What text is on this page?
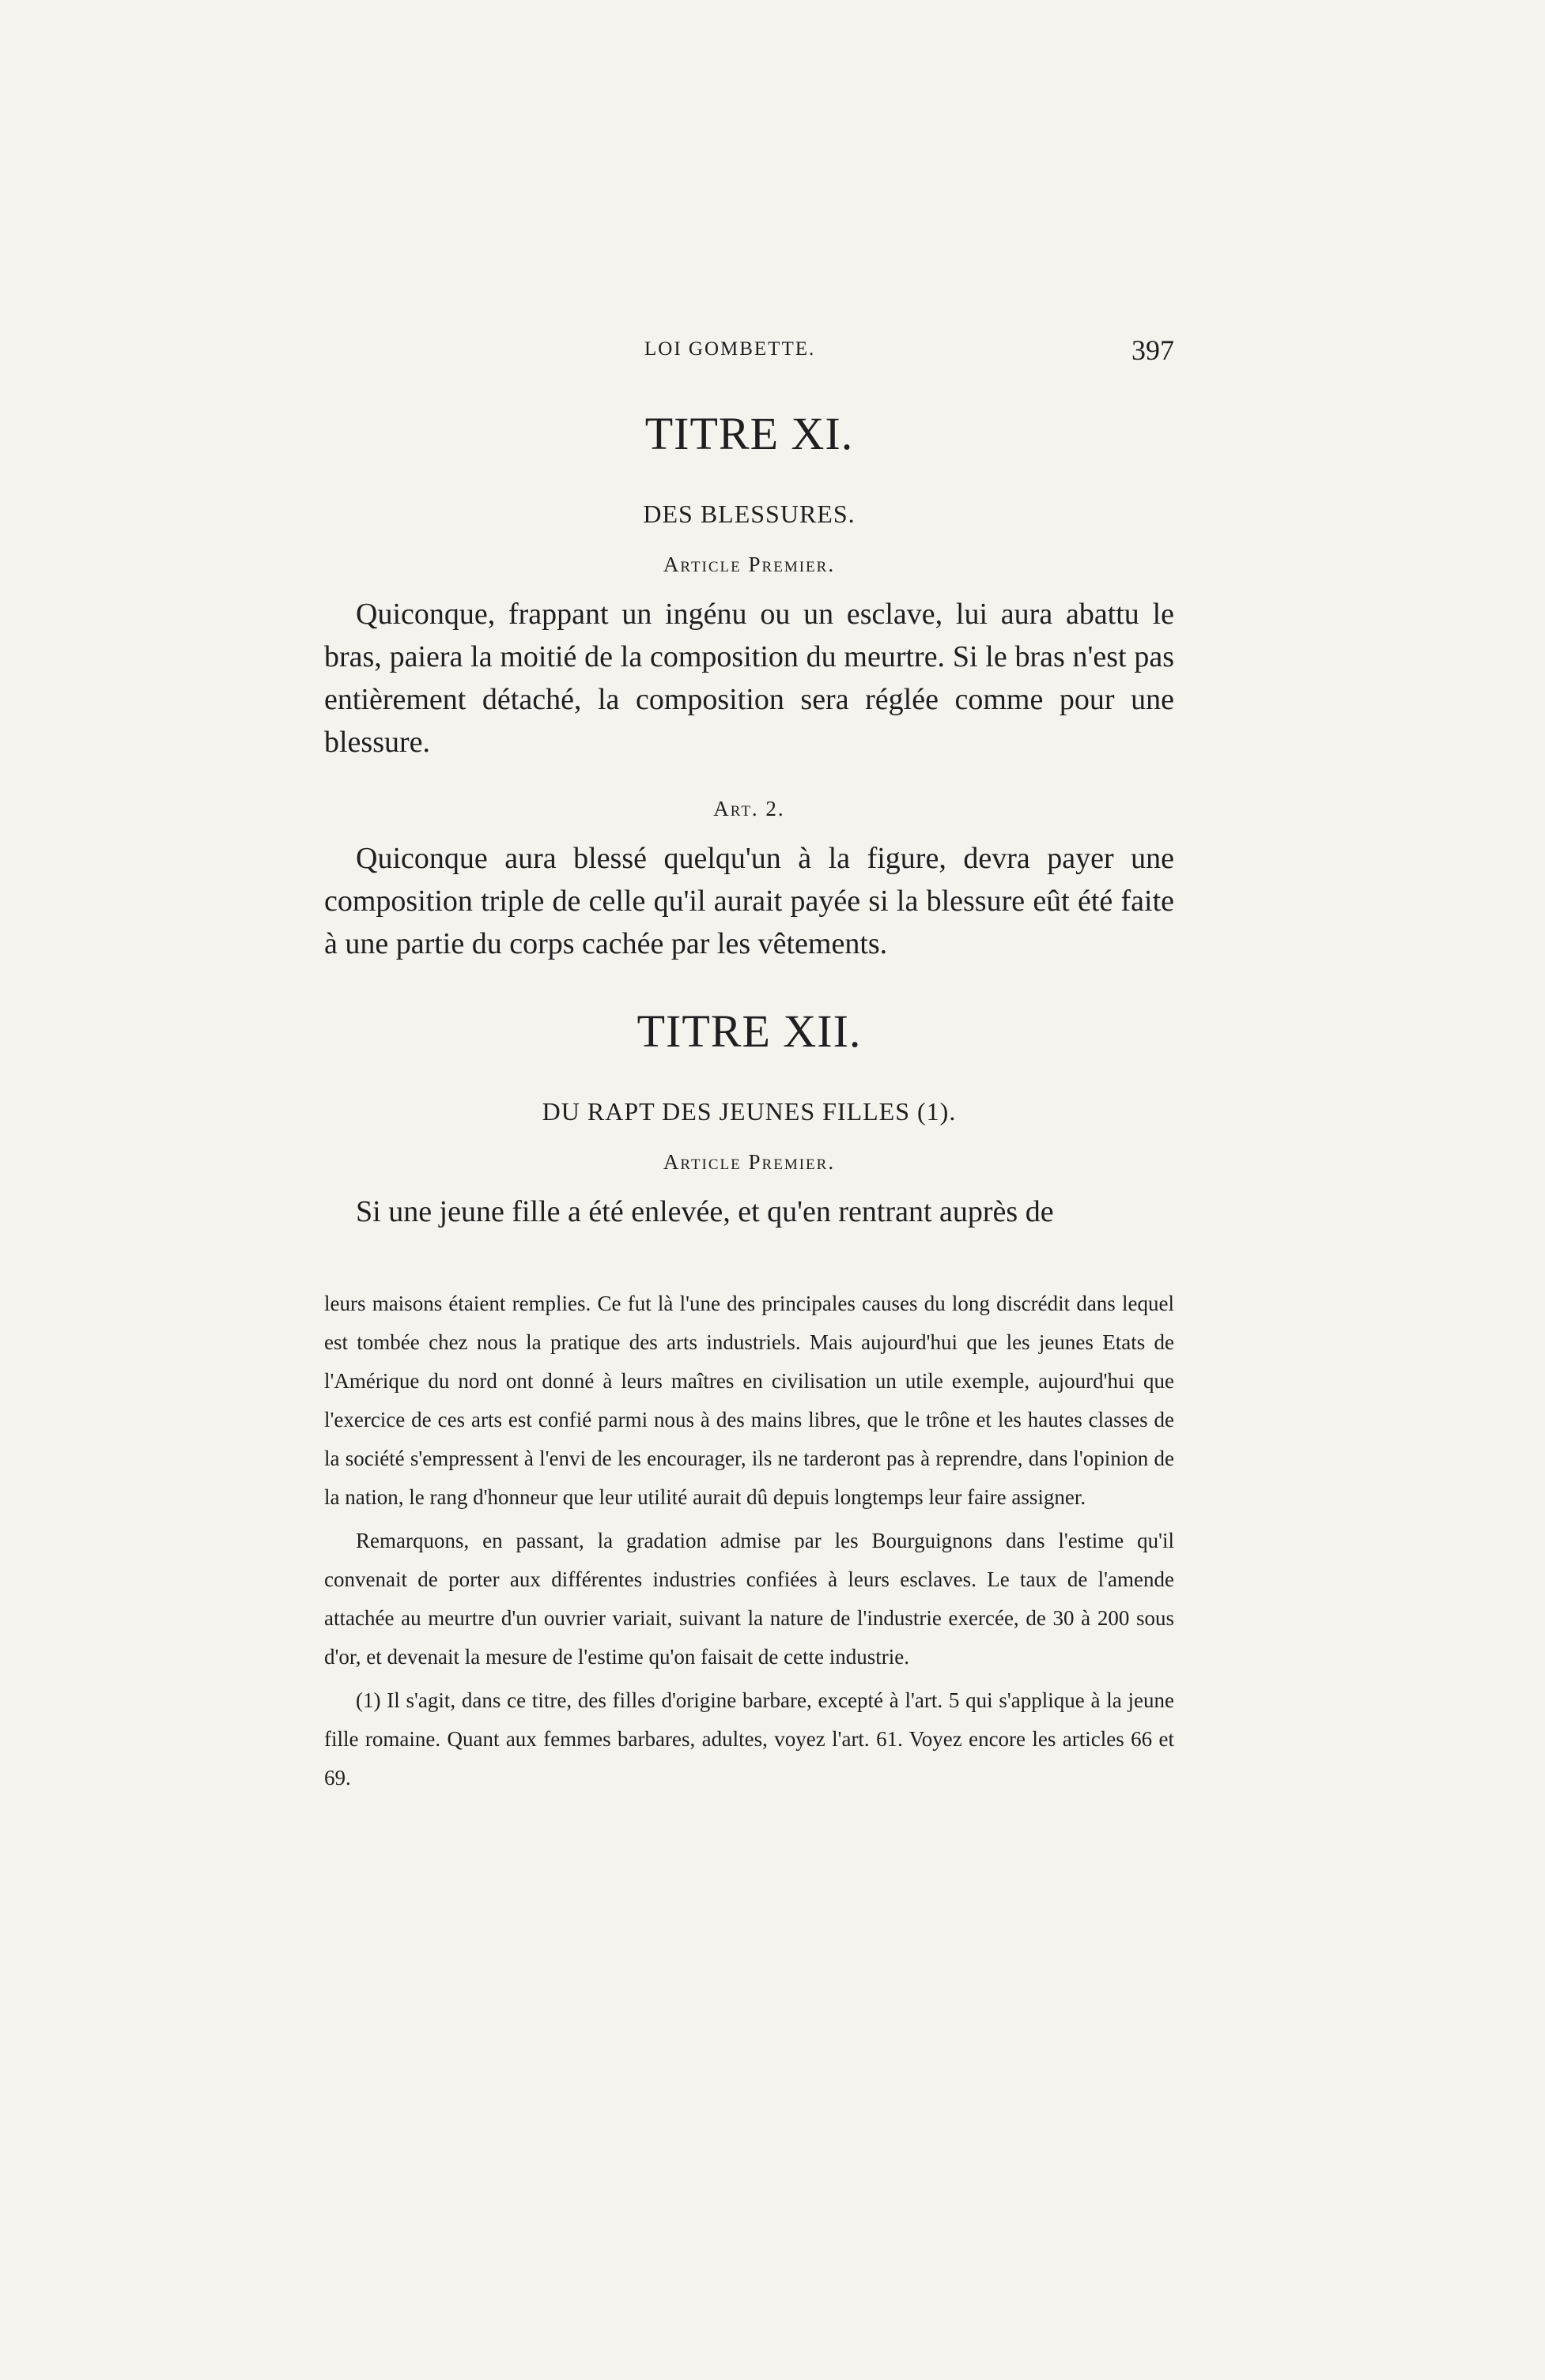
LOI GOMBETTE.	397
TITRE XI.
DES BLESSURES.
Article Premier.

Quiconque, frappant un ingénu ou un esclave, lui aura abattu le bras, paiera la moitié de la composition du meurtre. Si le bras n'est pas entièrement détaché, la composition sera réglée comme pour une blessure.

Art. 2.

Quiconque aura blessé quelqu'un à la figure, devra payer une composition triple de celle qu'il aurait payée si la blessure eût été faite à une partie du corps cachée par les vêtements.

TITRE XII.
DU RAPT DES JEUNES FILLES (1).
Article Premier.

Si une jeune fille a été enlevée, et qu'en rentrant auprès de

leurs maisons étaient remplies. Ce fut là l'une des principales causes du long discrédit dans lequel est tombée chez nous la pratique des arts industriels. Mais aujourd'hui que les jeunes Etats de l'Amérique du nord ont donné à leurs maîtres en civilisation un utile exemple, aujourd'hui que l'exercice de ces arts est confié parmi nous à des mains libres, que le trône et les hautes classes de la société s'empressent à l'envi de les encourager, ils ne tarderont pas à reprendre, dans l'opinion de la nation, le rang d'honneur que leur utilité aurait dû depuis longtemps leur faire assigner.

Remarquons, en passant, la gradation admise par les Bourguignons dans l'estime qu'il convenait de porter aux différentes industries confiées à leurs esclaves. Le taux de l'amende attachée au meurtre d'un ouvrier variait, suivant la nature de l'industrie exercée, de 30 à 200 sous d'or, et devenait la mesure de l'estime qu'on faisait de cette industrie.

(1) Il s'agit, dans ce titre, des filles d'origine barbare, excepté à l'art. 5 qui s'applique à la jeune fille romaine. Quant aux femmes barbares, adultes, voyez l'art. 61. Voyez encore les articles 66 et 69.
